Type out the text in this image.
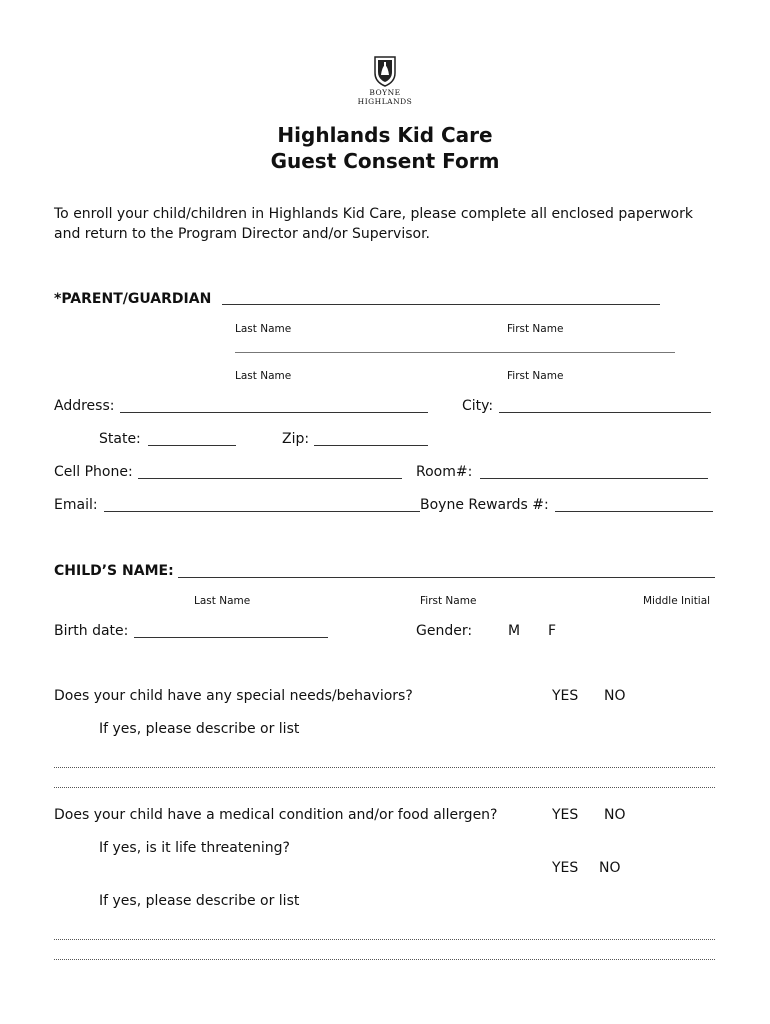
BOYNE
HIGHLANDS
Highlands Kid Care
Guest Consent Form
To enroll your child/children in Highlands Kid Care, please complete all enclosed paperwork
and return to the Program Director and/or Supervisor.
*PARENT/GUARDIAN
Last Name	First Name
Last Name	First Name
Address:	City:
State:	Zip:
Cell Phone:	Room#:
Email:	Boyne Rewards #:
CHILD’S NAME:
Last Name	First Name	Middle Initial
Birth date:	Gender:	M F
Does your child have any special needs/behaviors?	YES NO
If yes, please describe or list
Does your child have a medical condition and/or food allergen?	YES NO
If yes, is it life threatening?
YES NO
If yes, please describe or list
